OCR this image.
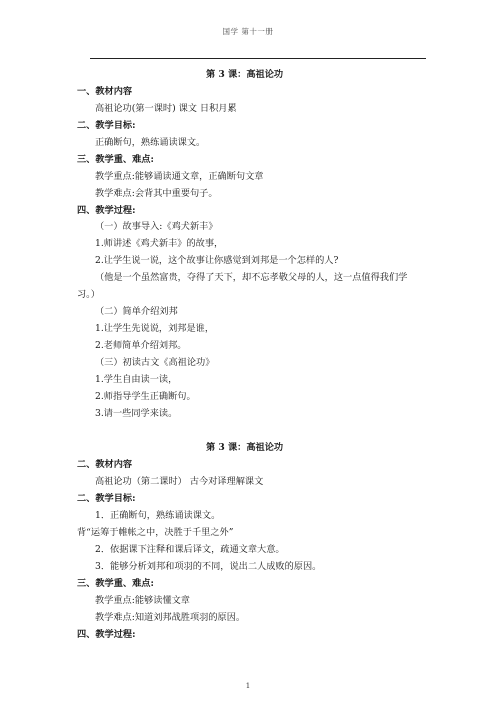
国学 第十一册
第 3 课：高祖论功
一、教材内容
高祖论功(第一课时) 课文 日积月累
二、教学目标:
正确断句，熟练诵读课文。
三、教学重、难点:
教学重点:能够诵读通文章，正确断句文章
教学难点:会背其中重要句子。
四、教学过程:
（一）故事导入:《鸡犬新丰》
1.师讲述《鸡犬新丰》的故事，
2.让学生说一说，这个故事让你感觉到刘邦是一个怎样的人?
（他是一个虽然富贵，夺得了天下，却不忘孝敬父母的人，这一点值得我们学习。）
（二）简单介绍刘邦
1.让学生先说说，刘邦是谁，
2.老师简单介绍刘邦。
（三）初读古文《高祖论功》
1.学生自由读一读，
2.师指导学生正确断句。
3.请一些同学来读。
第 3 课：高祖论功
二、教材内容
高祖论功（第二课时） 古今对译理解课文
二、教学目标:
1．正确断句，熟练诵读课文。
背“运筹于帷帐之中，决胜于千里之外”
2．依据课下注释和课后译文，疏通文章大意。
3．能够分析刘邦和项羽的不同，说出二人成败的原因。
三、教学重、难点:
教学重点:能够读懂文章
教学难点:知道刘邦战胜项羽的原因。
四、教学过程:
1
